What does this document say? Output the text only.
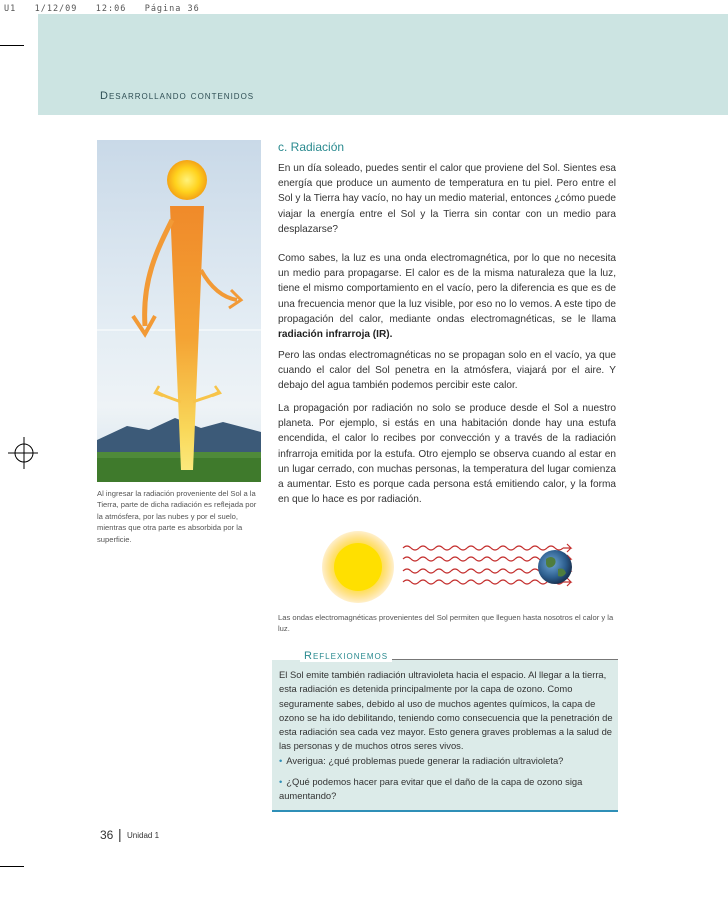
U1   1/12/09   12:06   Página 36
Desarrollando contenidos
Al ingresar la radiación proveniente del Sol a la Tierra, parte de dicha radiación es reflejada por la atmósfera, por las nubes y por el suelo, mientras que otra parte es absorbida por la superficie.
c. Radiación

En un día soleado, puedes sentir el calor que proviene del Sol. Sientes esa energía que produce un aumento de temperatura en tu piel. Pero entre el Sol y la Tierra hay vacío, no hay un medio material, entonces ¿cómo puede viajar la energía entre el Sol y la Tierra sin contar con un medio para desplazarse?

Como sabes, la luz es una onda electromagnética, por lo que no necesita un medio para propagarse. El calor es de la misma naturaleza que la luz, tiene el mismo comportamiento en el vacío, pero la diferencia es que es de una frecuencia menor que la luz visible, por eso no lo vemos. A este tipo de propagación del calor, mediante ondas electromagnéticas, se le llama radiación infrarroja (IR).

Pero las ondas electromagnéticas no se propagan solo en el vacío, ya que cuando el calor del Sol penetra en la atmósfera, viajará por el aire. Y debajo del agua también podemos percibir este calor.

La propagación por radiación no solo se produce desde el Sol a nuestro planeta. Por ejemplo, si estás en una habitación donde hay una estufa encendida, el calor lo recibes por convección y a través de la radiación infrarroja emitida por la estufa. Otro ejemplo se observa cuando al estar en un lugar cerrado, con muchas personas, la temperatura del lugar comienza a aumentar. Esto es porque cada persona está emitiendo calor, y la forma en que lo hace es por radiación.

Las ondas electromagnéticas provenientes del Sol permiten que lleguen hasta nosotros el calor y la luz.
Reflexionemos
El Sol emite también radiación ultravioleta hacia el espacio. Al llegar a la tierra, esta radiación es detenida principalmente por la capa de ozono. Como seguramente sabes, debido al uso de muchos agentes químicos, la capa de ozono se ha ido debilitando, teniendo como consecuencia que la penetración de esta radiación sea cada vez mayor. Esto genera graves problemas a la salud de las personas y de muchos otros seres vivos.
• Averigua: ¿qué problemas puede generar la radiación ultravioleta?
• ¿Qué podemos hacer para evitar que el daño de la capa de ozono siga aumentando?
36 | Unidad 1
